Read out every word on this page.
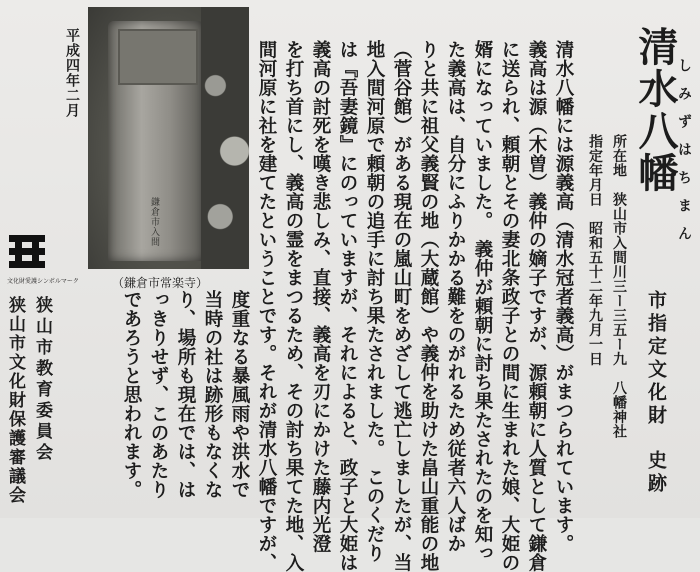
清水八幡
しみずはちまん
市指定文化財史跡
所在地　狭山市入間川三ー三五ー九　八幡神社
指定年月日　昭和五十二年九月一日
清水八幡には源義高（清水冠者義高）がまつられています。
義高は源（木曽）義仲の嫡子ですが、源頼朝に人質として鎌倉
に送られ、頼朝とその妻北条政子との間に生まれた娘、大姫の
婿になっていました。　義仲が頼朝に討ち果たされたのを知っ
た義高は、自分にふりかかる難をのがれるため従者六人ばか
りと共に祖父義賢の地（大蔵館）や義仲を助けた畠山重能の地
（菅谷館）がある現在の嵐山町をめざして逃亡しましたが、当
地入間河原で頼朝の追手に討ち果たされました。　このくだり
は『吾妻鏡』にのっていますが、それによると、政子と大姫は
義高の討死を嘆き悲しみ、直接、義高を刃にかけた藤内光澄
を打ち首にし、義高の霊をまつるため、その討ち果てた地、入
間河原に社を建てたということです。それが清水八幡ですが、
度重なる暴風雨や洪水で
当時の社は跡形もなくな
り、場所も現在では、は
っきりせず、このあたり
であろうと思われます。
鎌倉市入間
（鎌倉市常楽寺）
平成四年二月
文化財愛護シンボルマーク
狭山市教育委員会
狭山市文化財保護審議会
